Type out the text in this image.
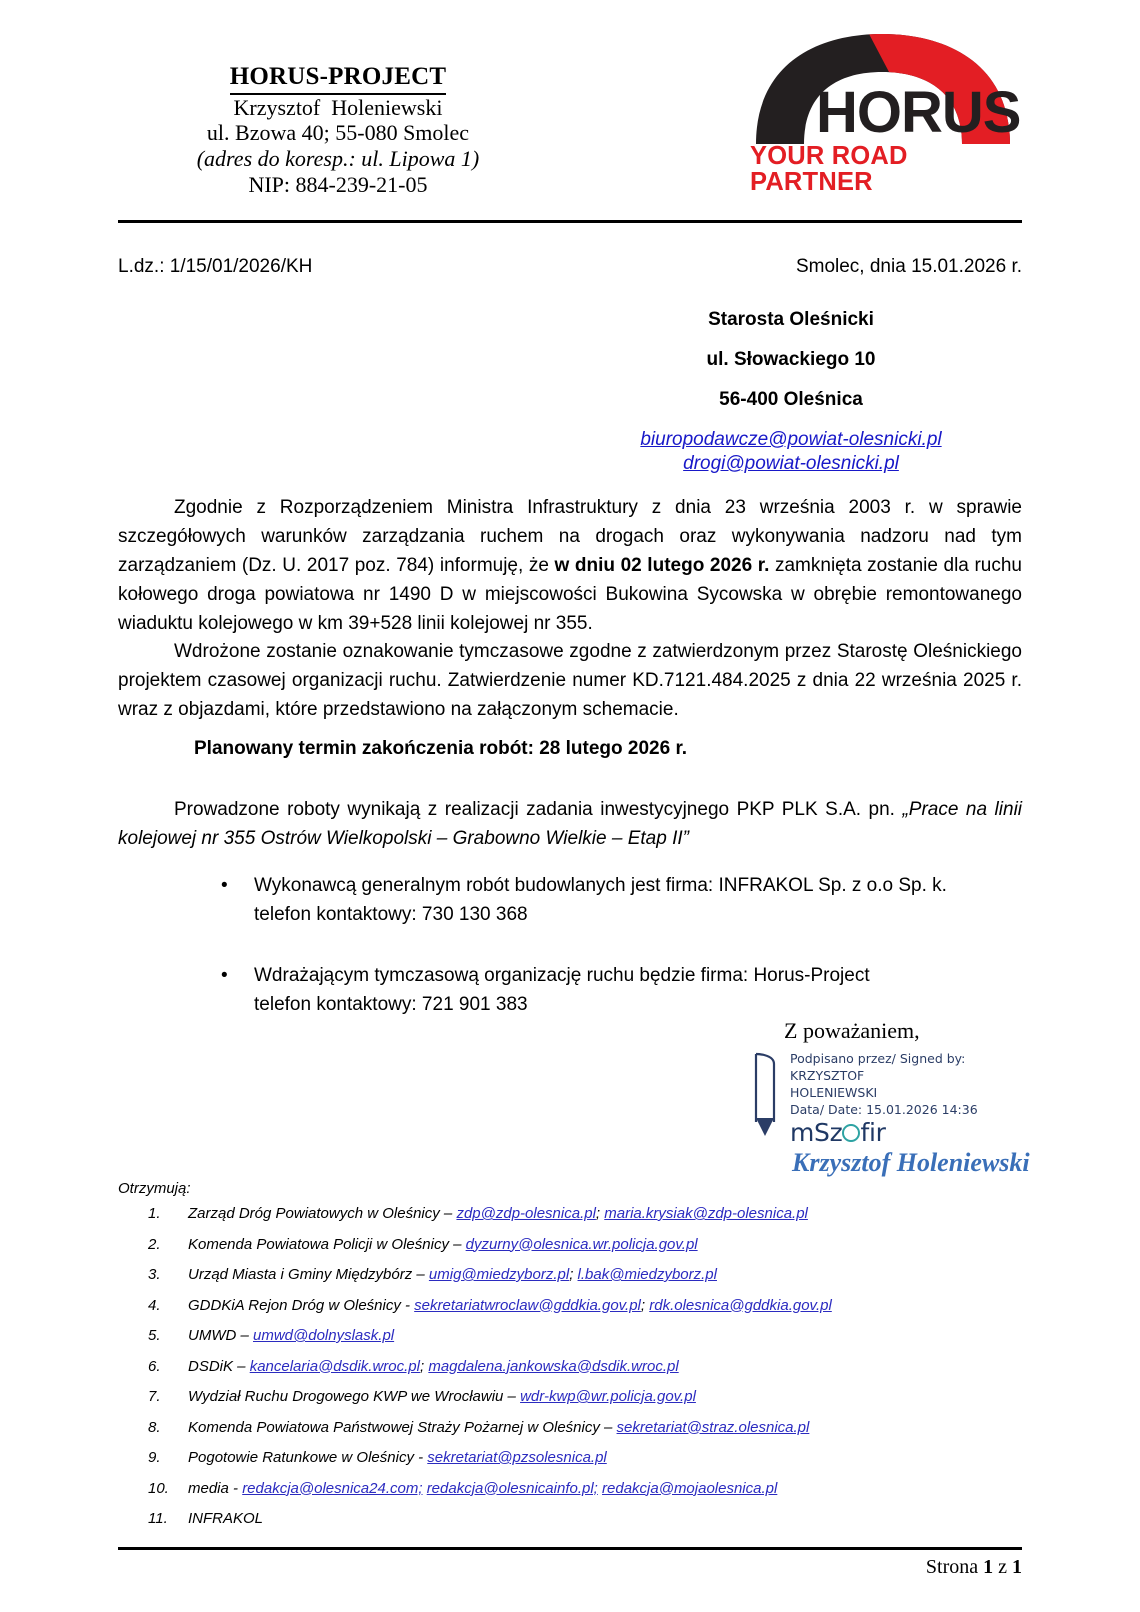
HORUS-PROJECT
Krzysztof  Holeniewski
ul. Bzowa 40; 55-080 Smolec
(adres do koresp.: ul. Lipowa 1)
NIP: 884-239-21-05
HORUS
YOUR ROAD PARTNER
L.dz.: 1/15/01/2026/KH	Smolec, dnia 15.01.2026 r.
Starosta Oleśnicki
ul. Słowackiego 10
56-400 Oleśnica
biuropodawcze@powiat-olesnicki.pl
drogi@powiat-olesnicki.pl

Zgodnie z Rozporządzeniem Ministra Infrastruktury z dnia 23 września 2003 r. w sprawie szczegółowych warunków zarządzania ruchem na drogach oraz wykonywania nadzoru nad tym zarządzaniem (Dz. U. 2017 poz. 784) informuję, że w dniu 02 lutego 2026 r. zamknięta zostanie dla ruchu kołowego droga powiatowa nr 1490 D w miejscowości Bukowina Sycowska w obrębie remontowanego wiaduktu kolejowego w km 39+528 linii kolejowej nr 355.

Wdrożone zostanie oznakowanie tymczasowe zgodne z zatwierdzonym przez Starostę Oleśnickiego projektem czasowej organizacji ruchu. Zatwierdzenie numer KD.7121.484.2025 z dnia 22 września 2025 r. wraz z objazdami, które przedstawiono na załączonym schemacie.

Planowany termin zakończenia robót: 28 lutego 2026 r.
Prowadzone roboty wynikają z realizacji zadania inwestycyjnego PKP PLK S.A. pn. „Prace na linii kolejowej nr 355 Ostrów Wielkopolski – Grabowno Wielkie – Etap II”
• Wykonawcą generalnym robót budowlanych jest firma: INFRAKOL Sp. z o.o Sp. k.
telefon kontaktowy: 730 130 368
• Wdrażającym tymczasową organizację ruchu będzie firma: Horus-Project
telefon kontaktowy: 721 901 383
Z poważaniem,
Podpisano przez/ Signed by:
KRZYSZTOF
HOLENIEWSKI
Data/ Date: 15.01.2026 14:36
mSz fir
Krzysztof Holeniewski
Otrzymują:
1.	Zarząd Dróg Powiatowych w Oleśnicy – zdp@zdp-olesnica.pl; maria.krysiak@zdp-olesnica.pl
2.	Komenda Powiatowa Policji w Oleśnicy – dyzurny@olesnica.wr.policja.gov.pl
3.	Urząd Miasta i Gminy Międzybórz – umig@miedzyborz.pl; l.bak@miedzyborz.pl
4.	GDDKiA Rejon Dróg w Oleśnicy - sekretariatwroclaw@gddkia.gov.pl; rdk.olesnica@gddkia.gov.pl
5.	UMWD – umwd@dolnyslask.pl
6.	DSDiK – kancelaria@dsdik.wroc.pl; magdalena.jankowska@dsdik.wroc.pl
7.	Wydział Ruchu Drogowego KWP we Wrocławiu – wdr-kwp@wr.policja.gov.pl
8.	Komenda Powiatowa Państwowej Straży Pożarnej w Oleśnicy – sekretariat@straz.olesnica.pl
9.	Pogotowie Ratunkowe w Oleśnicy - sekretariat@pzsolesnica.pl
10.	media - redakcja@olesnica24.com; redakcja@olesnicainfo.pl; redakcja@mojaolesnica.pl
11.	INFRAKOL
Strona 1 z 1
